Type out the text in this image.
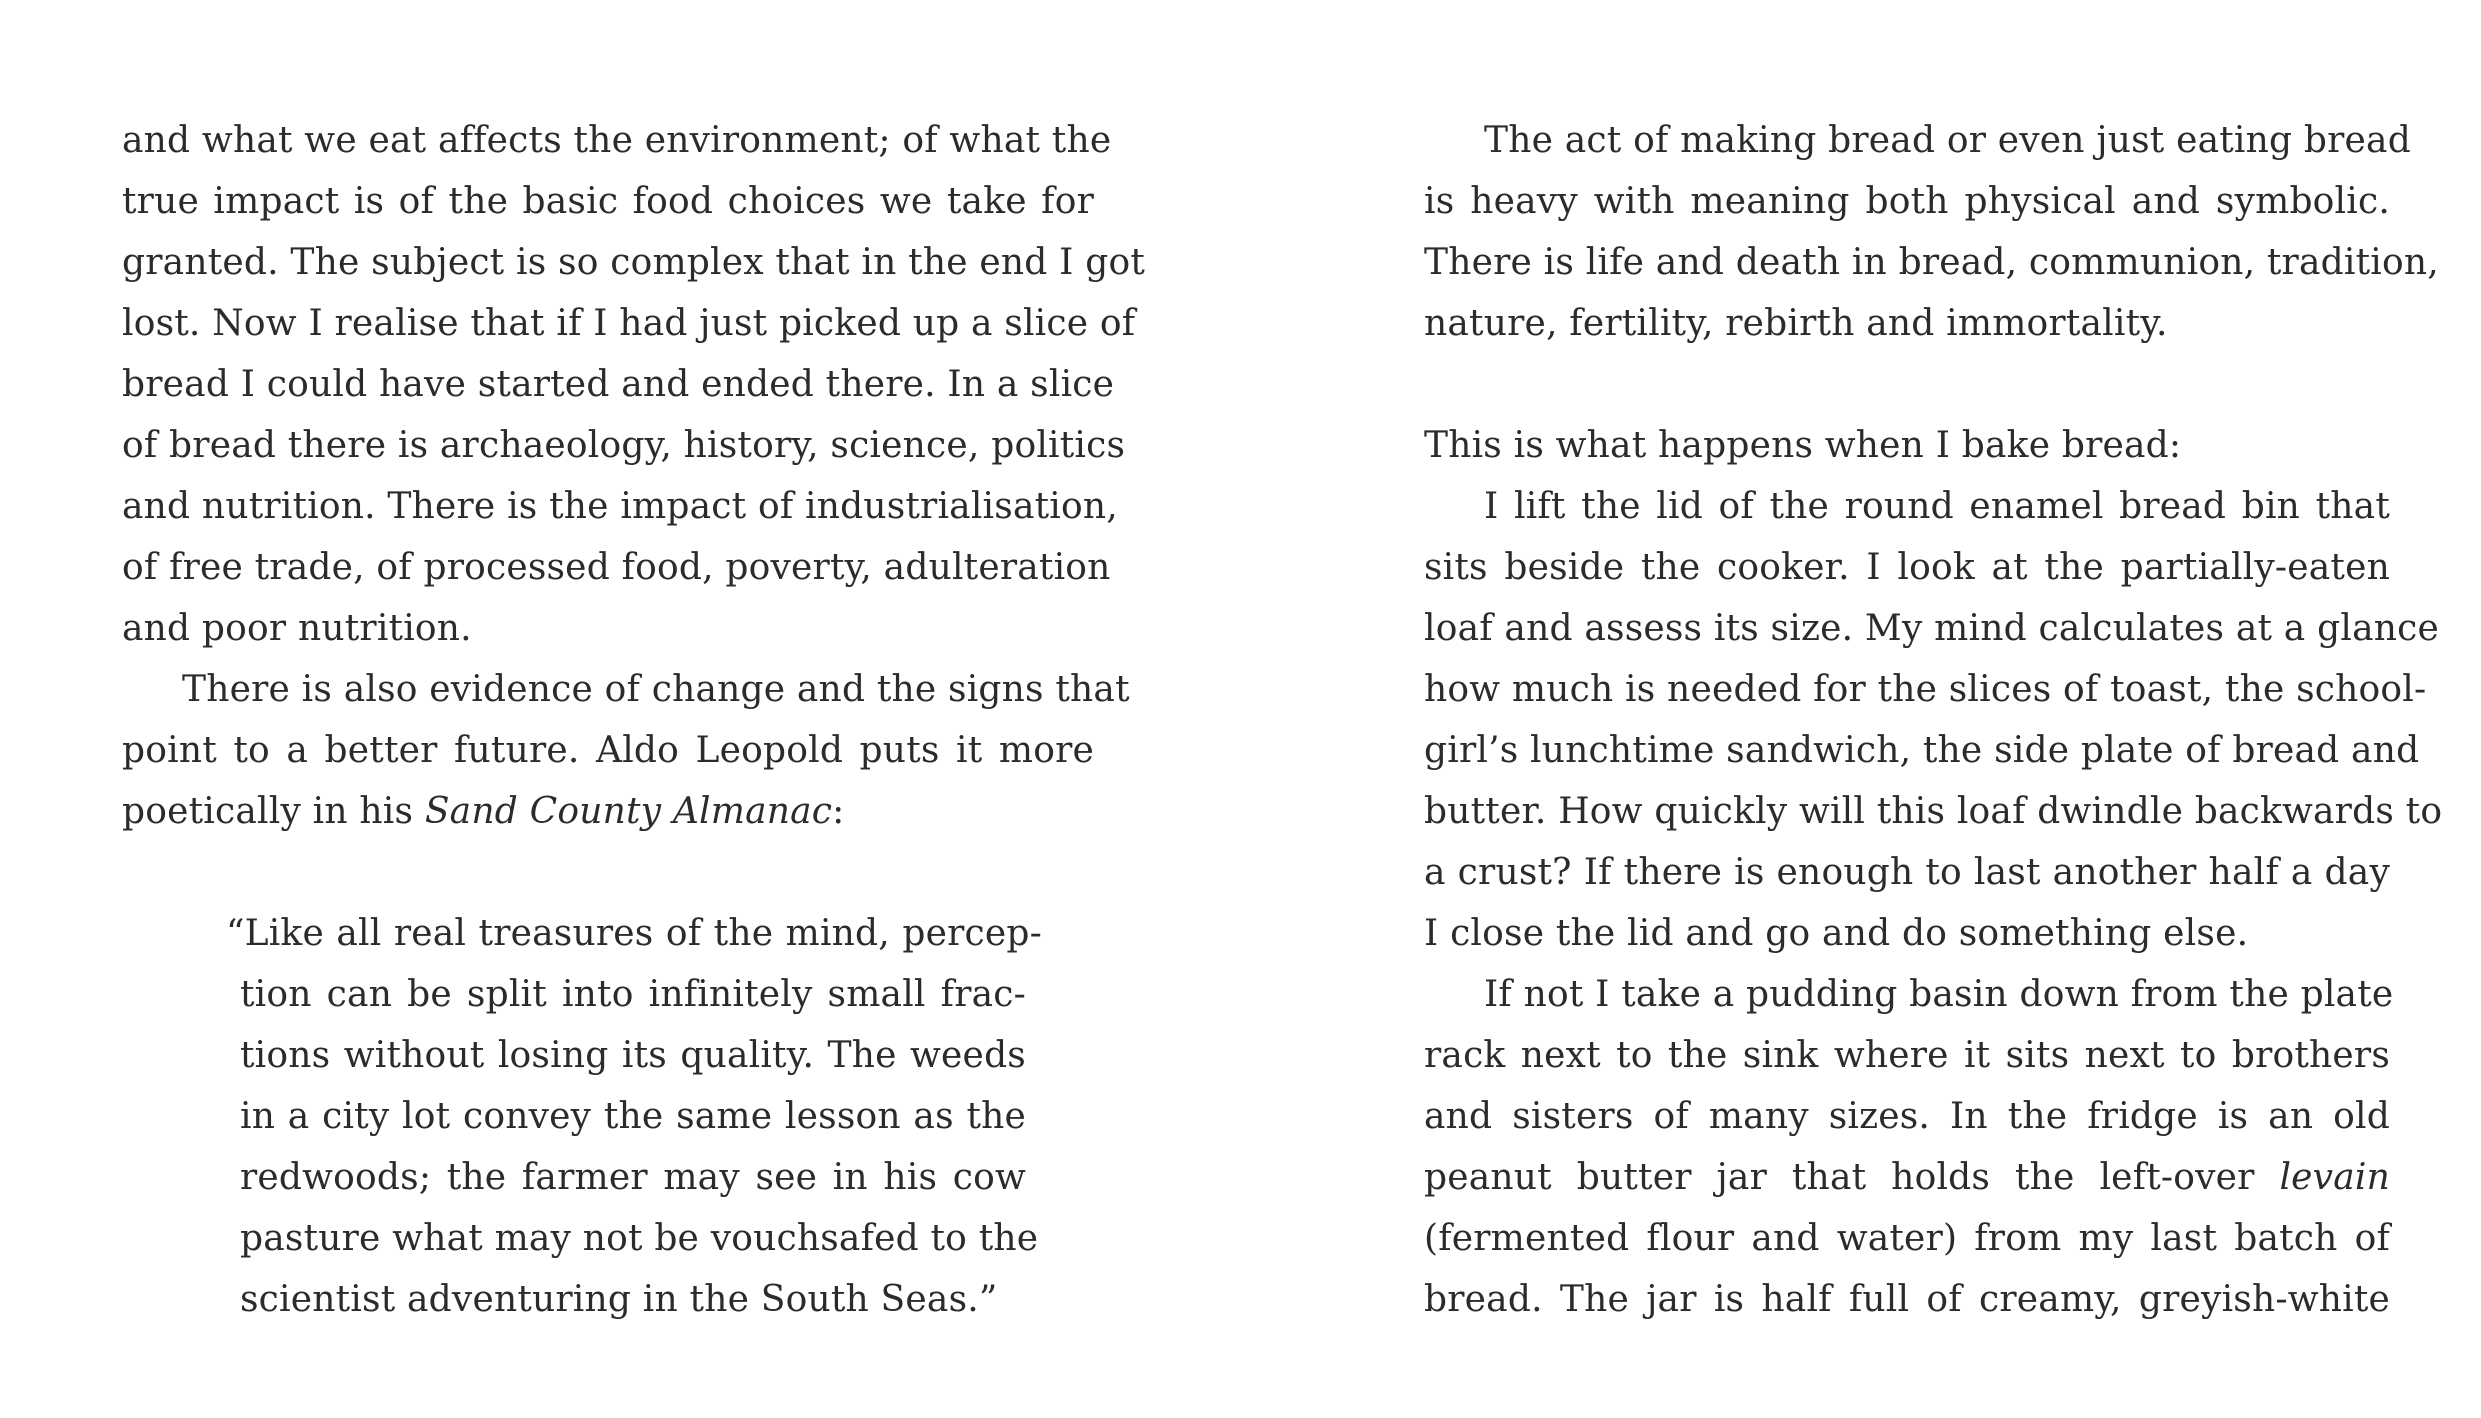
and what we eat affects the environment; of what the
true impact is of the basic food choices we take for
granted. The subject is so complex that in the end I got
lost. Now I realise that if I had just picked up a slice of
bread I could have started and ended there. In a slice
of bread there is archaeology, history, science, politics
and nutrition. There is the impact of industrialisation,
of free trade, of processed food, poverty, adulteration
and poor nutrition.
There is also evidence of change and the signs that
point to a better future. Aldo Leopold puts it more
poetically in his Sand County Almanac:
“Like all real treasures of the mind, percep-
tion can be split into infinitely small frac-
tions without losing its quality. The weeds
in a city lot convey the same lesson as the
redwoods; the farmer may see in his cow
pasture what may not be vouchsafed to the
scientist adventuring in the South Seas.”
The act of making bread or even just eating bread
is heavy with meaning both physical and symbolic.
There is life and death in bread, communion, tradition,
nature, fertility, rebirth and immortality.
This is what happens when I bake bread:
I lift the lid of the round enamel bread bin that
sits beside the cooker. I look at the partially-eaten
loaf and assess its size. My mind calculates at a glance
how much is needed for the slices of toast, the school-
girl’s lunchtime sandwich, the side plate of bread and
butter. How quickly will this loaf dwindle backwards to
a crust? If there is enough to last another half a day
I close the lid and go and do something else.
If not I take a pudding basin down from the plate
rack next to the sink where it sits next to brothers
and sisters of many sizes. In the fridge is an old
peanut butter jar that holds the left-over levain
(fermented flour and water) from my last batch of
bread. The jar is half full of creamy, greyish-white
